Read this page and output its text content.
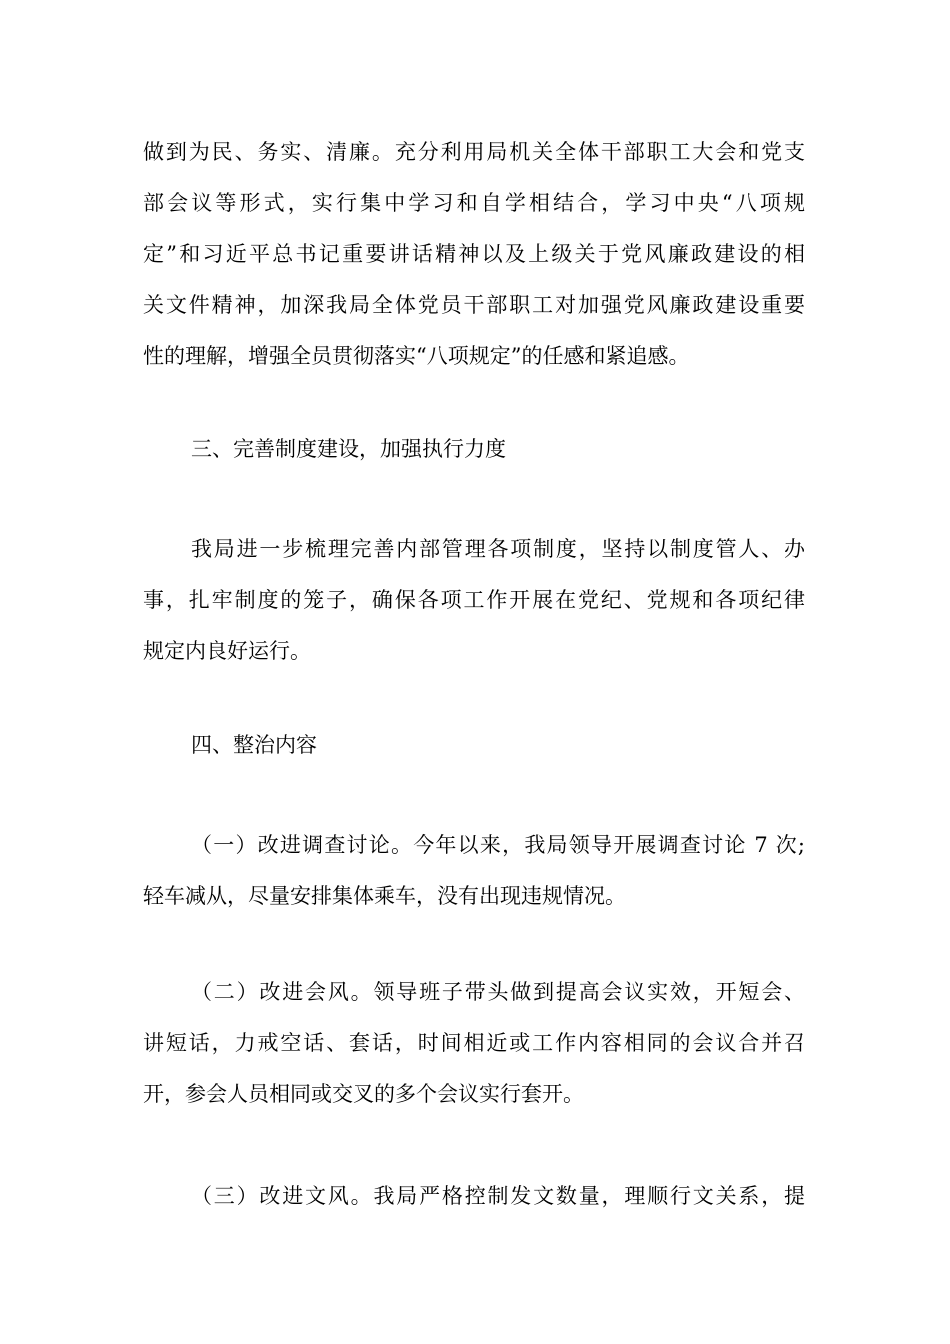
做到为民、务实、清廉。充分利用局机关全体干部职工大会和党支
部会议等形式，实行集中学习和自学相结合，学习中央“八项规
定”和习近平总书记重要讲话精神以及上级关于党风廉政建设的相
关文件精神，加深我局全体党员干部职工对加强党风廉政建设重要
性的理解，增强全员贯彻落实“八项规定”的任感和紧追感。
三、完善制度建设，加强执行力度
我局进一步梳理完善内部管理各项制度，坚持以制度管人、办
事，扎牢制度的笼子，确保各项工作开展在党纪、党规和各项纪律
规定内良好运行。
四、整治内容
（一）改进调查讨论。今年以来，我局领导开展调查讨论 7 次;
轻车减从，尽量安排集体乘车，没有出现违规情况。
（二）改进会风。领导班子带头做到提高会议实效，开短会、
讲短话，力戒空话、套话，时间相近或工作内容相同的会议合并召
开，参会人员相同或交叉的多个会议实行套开。
（三）改进文风。我局严格控制发文数量，理顺行文关系，提
